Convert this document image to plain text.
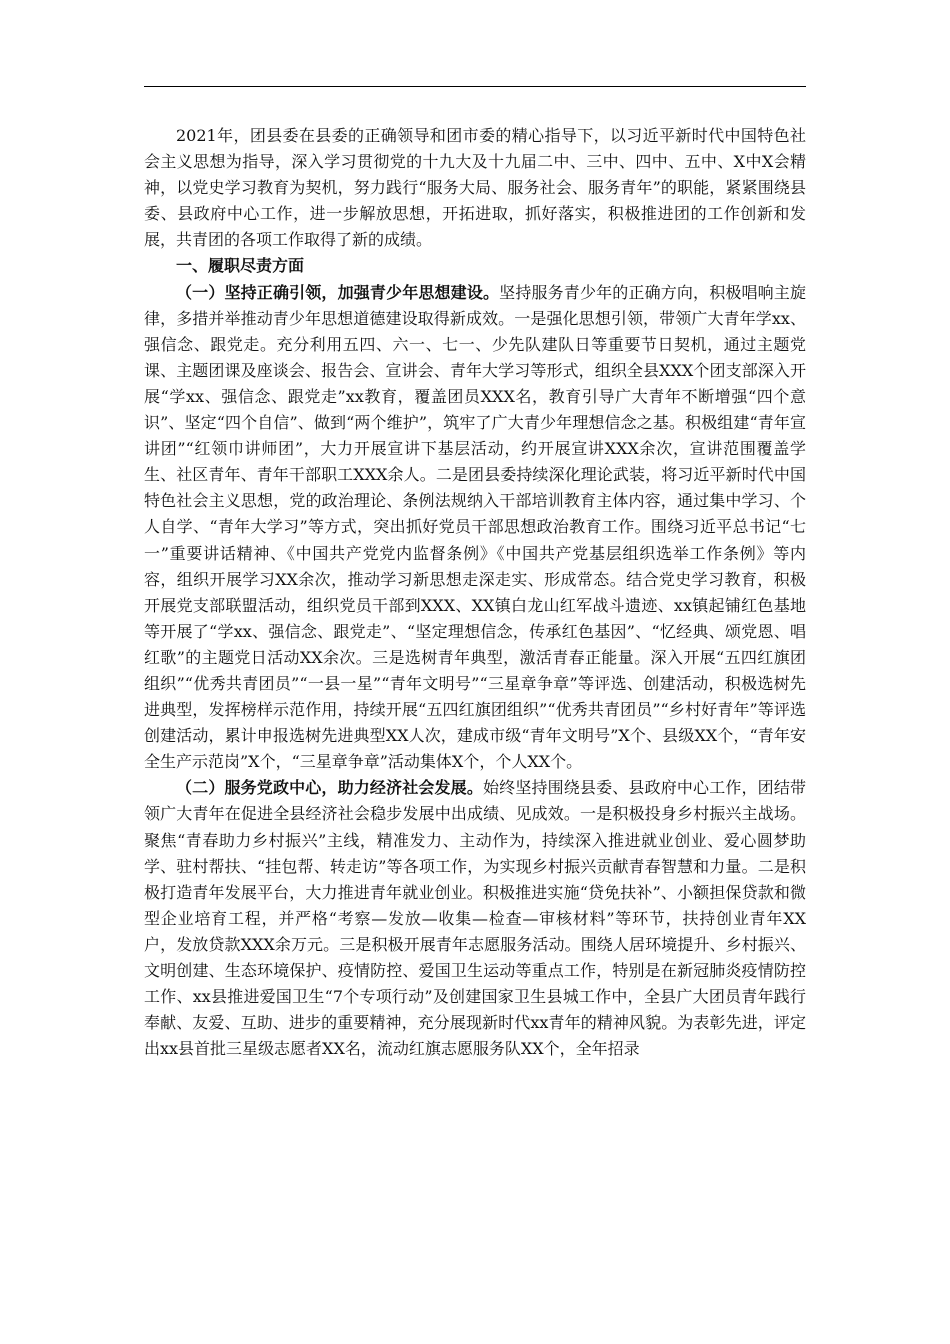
2021年，团县委在县委的正确领导和团市委的精心指导下，以习近平新时代中国特色社会主义思想为指导，深入学习贯彻党的十九大及十九届二中、三中、四中、五中、X中X会精神，以党史学习教育为契机，努力践行“服务大局、服务社会、服务青年”的职能，紧紧围绕县委、县政府中心工作，进一步解放思想，开拓进取，抓好落实，积极推进团的工作创新和发展，共青团的各项工作取得了新的成绩。

一、履职尽责方面

（一）坚持正确引领，加强青少年思想建设。坚持服务青少年的正确方向，积极唱响主旋律，多措并举推动青少年思想道德建设取得新成效。一是强化思想引领，带领广大青年学xx、强信念、跟党走。充分利用五四、六一、七一、少先队建队日等重要节日契机，通过主题党课、主题团课及座谈会、报告会、宣讲会、青年大学习等形式，组织全县XXX个团支部深入开展“学xx、强信念、跟党走”xx教育，覆盖团员XXX名，教育引导广大青年不断增强“四个意识”、坚定“四个自信”、做到“两个维护”，筑牢了广大青少年理想信念之基。积极组建“青年宣讲团”“红领巾讲师团”，大力开展宣讲下基层活动，约开展宣讲XXX余次，宣讲范围覆盖学生、社区青年、青年干部职工XXX余人。二是团县委持续深化理论武装，将习近平新时代中国特色社会主义思想，党的政治理论、条例法规纳入干部培训教育主体内容，通过集中学习、个人自学、“青年大学习”等方式，突出抓好党员干部思想政治教育工作。围绕习近平总书记“七一”重要讲话精神、《中国共产党党内监督条例》《中国共产党基层组织选举工作条例》等内容，组织开展学习XX余次，推动学习新思想走深走实、形成常态。结合党史学习教育，积极开展党支部联盟活动，组织党员干部到XXX、XX镇白龙山红军战斗遗迹、xx镇起铺红色基地等开展了“学xx、强信念、跟党走”、“坚定理想信念，传承红色基因”、“忆经典、颂党恩、唱红歌”的主题党日活动XX余次。三是选树青年典型，激活青春正能量。深入开展“五四红旗团组织”“优秀共青团员”“一县一星”“青年文明号”“三星章争章”等评选、创建活动，积极选树先进典型，发挥榜样示范作用，持续开展“五四红旗团组织”“优秀共青团员”“乡村好青年”等评选创建活动，累计申报选树先进典型XX人次，建成市级“青年文明号”X个、县级XX个，“青年安全生产示范岗”X个，“三星章争章”活动集体X个，个人XX个。

（二）服务党政中心，助力经济社会发展。始终坚持围绕县委、县政府中心工作，团结带领广大青年在促进全县经济社会稳步发展中出成绩、见成效。一是积极投身乡村振兴主战场。聚焦“青春助力乡村振兴”主线，精准发力、主动作为，持续深入推进就业创业、爱心圆梦助学、驻村帮扶、“挂包帮、转走访”等各项工作，为实现乡村振兴贡献青春智慧和力量。二是积极打造青年发展平台，大力推进青年就业创业。积极推进实施“贷免扶补”、小额担保贷款和微型企业培育工程，并严格“考察—发放—收集—检查—审核材料”等环节，扶持创业青年XX户，发放贷款XXX余万元。三是积极开展青年志愿服务活动。围绕人居环境提升、乡村振兴、文明创建、生态环境保护、疫情防控、爱国卫生运动等重点工作，特别是在新冠肺炎疫情防控工作、xx县推进爱国卫生“7个专项行动”及创建国家卫生县城工作中，全县广大团员青年践行奉献、友爱、互助、进步的重要精神，充分展现新时代xx青年的精神风貌。为表彰先进，评定出xx县首批三星级志愿者XX名，流动红旗志愿服务队XX个，全年招录
